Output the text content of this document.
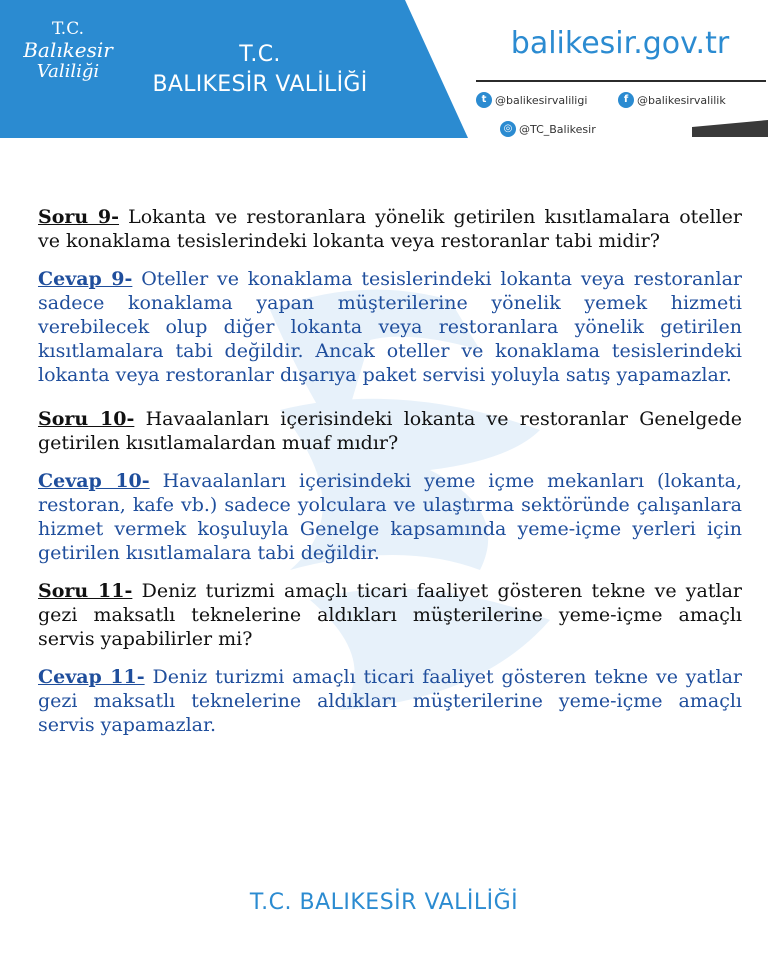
T.C.
Balıkesir
Valiliği
T.C.
BALIKESİR VALİLİĞİ
balikesir.gov.tr
t @balikesirvaliligi	f @balikesirvalilik
◎ @TC_Balikesir

Soru 9- Lokanta ve restoranlara yönelik getirilen kısıtlamalara oteller ve konaklama tesislerindeki lokanta veya restoranlar tabi midir?

Cevap 9- Oteller ve konaklama tesislerindeki lokanta veya restoranlar sadece konaklama yapan müşterilerine yönelik yemek hizmeti verebilecek olup diğer lokanta veya restoranlara yönelik getirilen kısıtlamalara tabi değildir. Ancak oteller ve konaklama tesislerindeki lokanta veya restoranlar dışarıya paket servisi yoluyla satış yapamazlar.

Soru 10- Havaalanları içerisindeki lokanta ve restoranlar Genelgede getirilen kısıtlamalardan muaf mıdır?

Cevap 10- Havaalanları içerisindeki yeme içme mekanları (lokanta, restoran, kafe vb.) sadece yolculara ve ulaştırma sektöründe çalışanlara hizmet vermek koşuluyla Genelge kapsamında yeme-içme yerleri için getirilen kısıtlamalara tabi değildir.

Soru 11- Deniz turizmi amaçlı ticari faaliyet gösteren tekne ve yatlar gezi maksatlı teknelerine aldıkları müşterilerine yeme-içme amaçlı servis yapabilirler mi?

Cevap 11- Deniz turizmi amaçlı ticari faaliyet gösteren tekne ve yatlar gezi maksatlı teknelerine aldıkları müşterilerine yeme-içme amaçlı servis yapamazlar.

T.C. BALIKESİR VALİLİĞİ
